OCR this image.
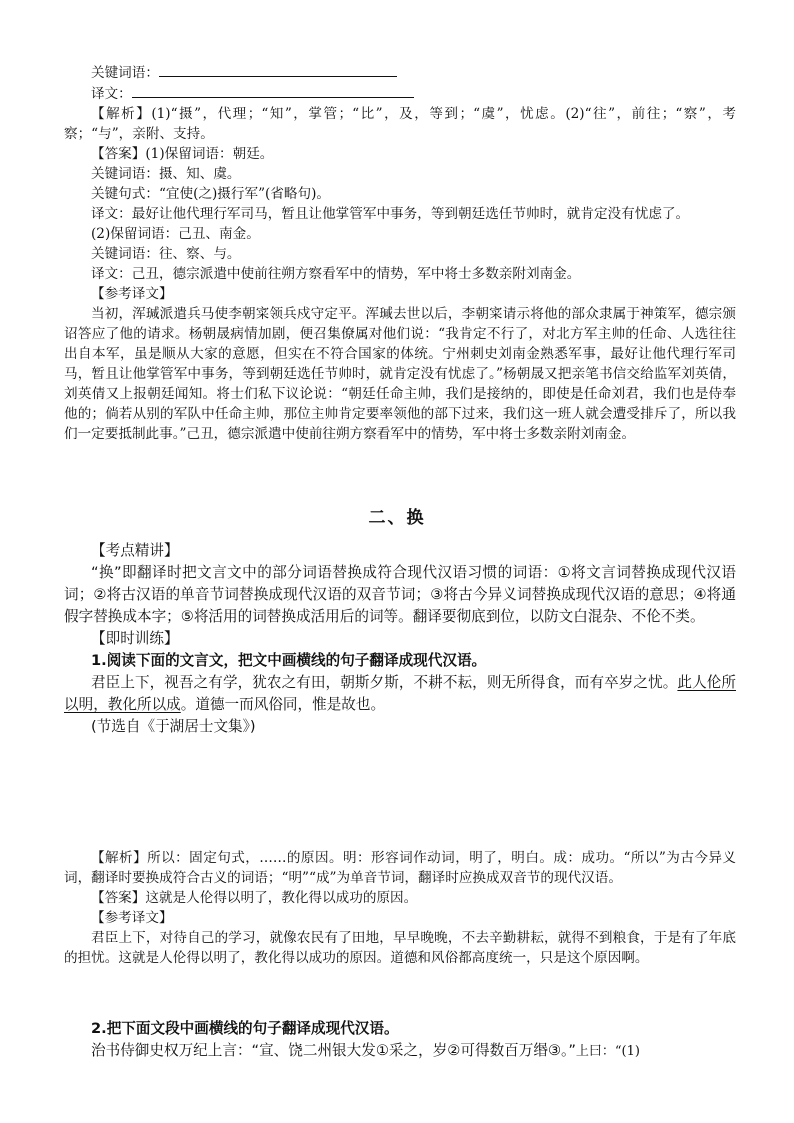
关键词语：

译文：

【解析】(1)“摄”，代理；“知”，掌管；“比”，及，等到；“虞”，忧虑。(2)“往”，前往；“察”，考察；“与”，亲附、支持。

【答案】(1)保留词语：朝廷。

关键词语：摄、知、虞。

关键句式：“宜使(之)摄行军”(省略句)。

译文：最好让他代理行军司马，暂且让他掌管军中事务，等到朝廷选任节帅时，就肯定没有忧虑了。

(2)保留词语：己丑、南金。

关键词语：往、察、与。

译文：己丑，德宗派遣中使前往朔方察看军中的情势，军中将士多数亲附刘南金。

【参考译文】

当初，浑瑊派遣兵马使李朝寀领兵戍守定平。浑瑊去世以后，李朝寀请示将他的部众隶属于神策军，德宗颁诏答应了他的请求。杨朝晟病情加剧，便召集僚属对他们说：“我肯定不行了，对北方军主帅的任命、人选往往出自本军，虽是顺从大家的意愿，但实在不符合国家的体统。宁州刺史刘南金熟悉军事，最好让他代理行军司马，暂且让他掌管军中事务，等到朝廷选任节帅时，就肯定没有忧虑了。”杨朝晟又把亲笔书信交给监军刘英倩，刘英倩又上报朝廷闻知。将士们私下议论说：“朝廷任命主帅，我们是接纳的，即使是任命刘君，我们也是侍奉他的；倘若从别的军队中任命主帅，那位主帅肯定要率领他的部下过来，我们这一班人就会遭受排斥了，所以我们一定要抵制此事。”己丑，德宗派遣中使前往朔方察看军中的情势，军中将士多数亲附刘南金。

二、换

【考点精讲】

“换”即翻译时把文言文中的部分词语替换成符合现代汉语习惯的词语：①将文言词替换成现代汉语词；②将古汉语的单音节词替换成现代汉语的双音节词；③将古今异义词替换成现代汉语的意思；④将通假字替换成本字；⑤将活用的词替换成活用后的词等。翻译要彻底到位，以防文白混杂、不伦不类。

【即时训练】

1.阅读下面的文言文，把文中画横线的句子翻译成现代汉语。

君臣上下，视吾之有学，犹农之有田，朝斯夕斯，不耕不耘，则无所得食，而有卒岁之忧。此人伦所以明，教化所以成。道德一而风俗同，惟是故也。

(节选自《于湖居士文集》)

【解析】所以：固定句式，……的原因。明：形容词作动词，明了，明白。成：成功。“所以”为古今异义词，翻译时要换成符合古义的词语；“明”“成”为单音节词，翻译时应换成双音节的现代汉语。

【答案】这就是人伦得以明了，教化得以成功的原因。

【参考译文】

君臣上下，对待自己的学习，就像农民有了田地，早早晚晚，不去辛勤耕耘，就得不到粮食，于是有了年底的担忧。这就是人伦得以明了，教化得以成功的原因。道德和风俗都高度统一，只是这个原因啊。

2.把下面文段中画横线的句子翻译成现代汉语。

治书侍御史权万纪上言：“宣、饶二州银大发①采之，岁②可得数百万缗③。”上曰：“(1)
